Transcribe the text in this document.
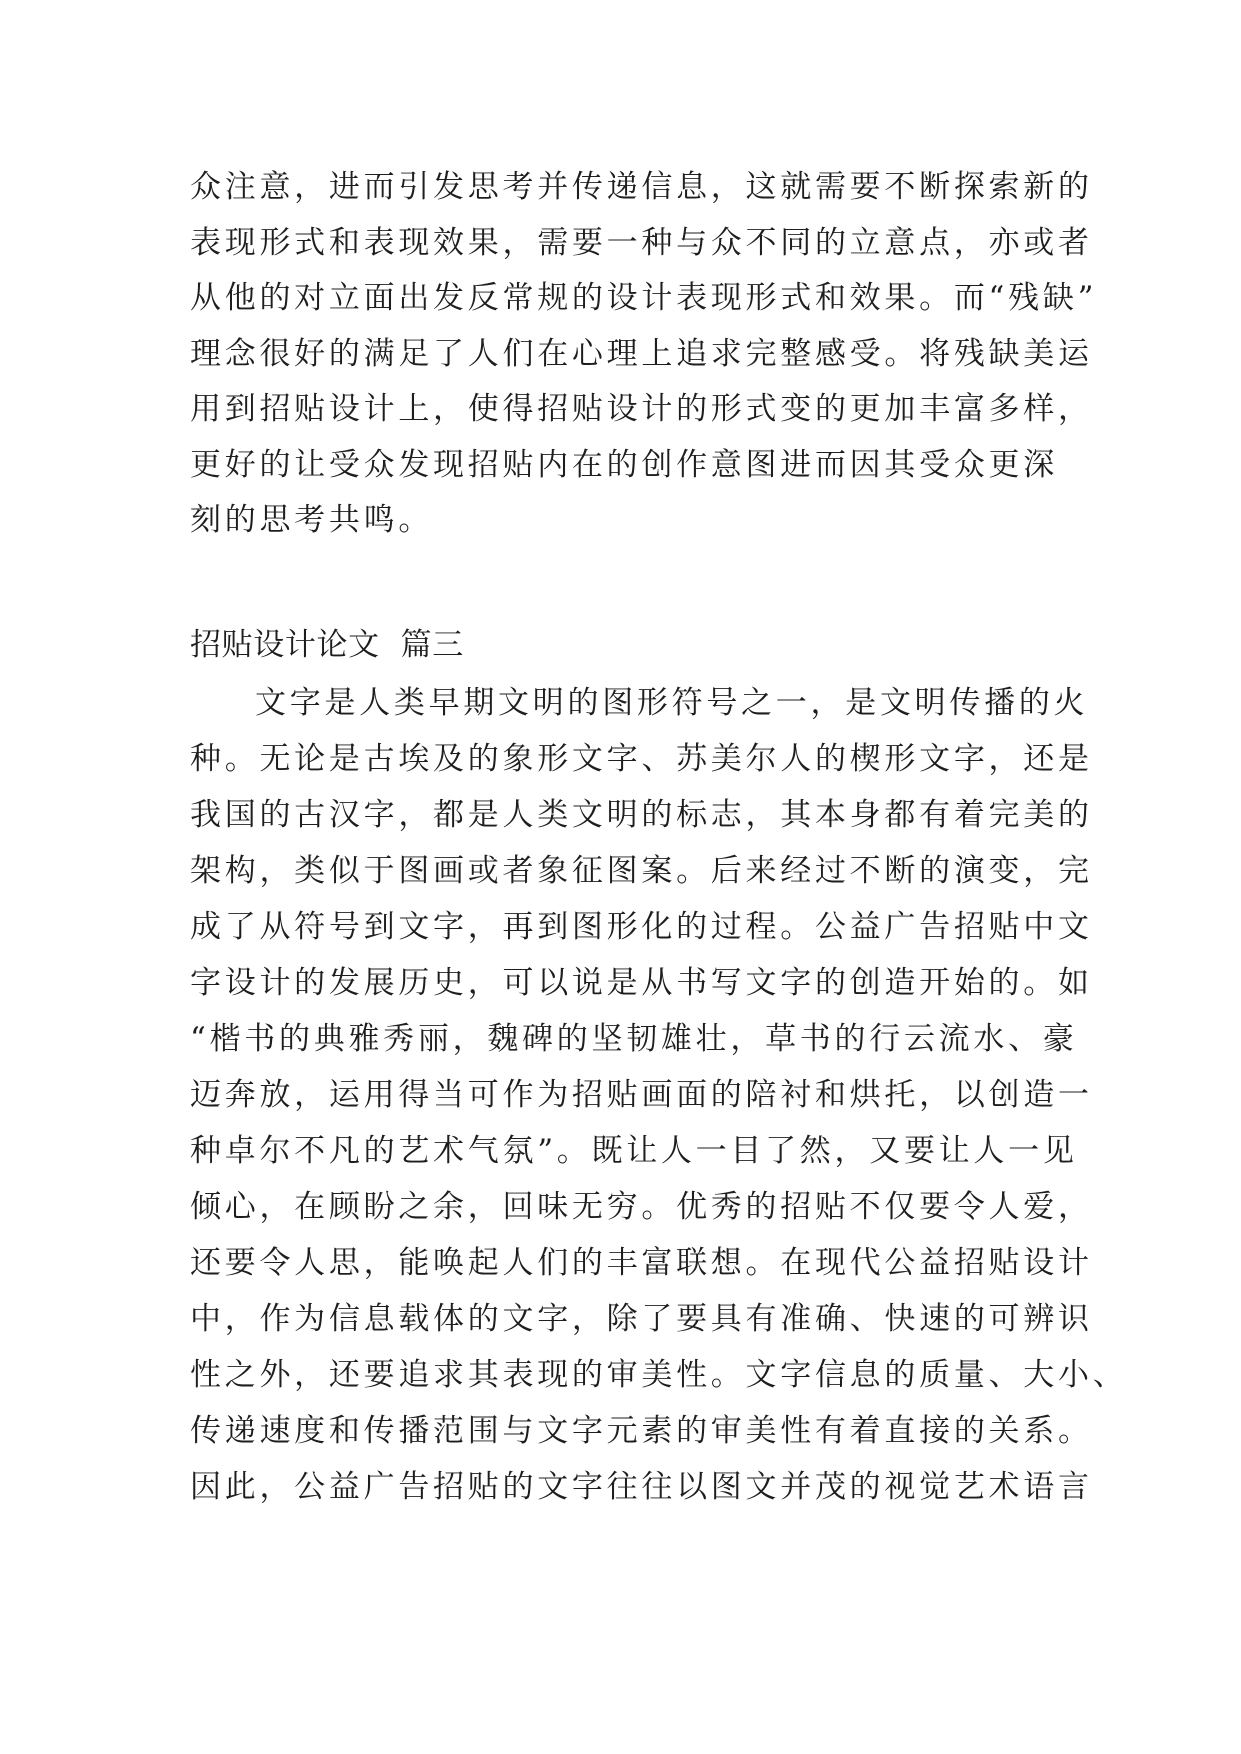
众注意，进而引发思考并传递信息，这就需要不断探索新的
表现形式和表现效果，需要一种与众不同的立意点，亦或者
从他的对立面出发反常规的设计表现形式和效果。而“残缺”
理念很好的满足了人们在心理上追求完整感受。将残缺美运
用到招贴设计上，使得招贴设计的形式变的更加丰富多样，
更好的让受众发现招贴内在的创作意图进而因其受众更深
刻的思考共鸣。
招贴设计论文  篇三
文字是人类早期文明的图形符号之一，是文明传播的火
种。无论是古埃及的象形文字、苏美尔人的楔形文字，还是
我国的古汉字，都是人类文明的标志，其本身都有着完美的
架构，类似于图画或者象征图案。后来经过不断的演变，完
成了从符号到文字，再到图形化的过程。公益广告招贴中文
字设计的发展历史，可以说是从书写文字的创造开始的。如
“楷书的典雅秀丽，魏碑的坚韧雄壮，草书的行云流水、豪
迈奔放，运用得当可作为招贴画面的陪衬和烘托，以创造一
种卓尔不凡的艺术气氛”。既让人一目了然，又要让人一见
倾心，在顾盼之余，回味无穷。优秀的招贴不仅要令人爱，
还要令人思，能唤起人们的丰富联想。在现代公益招贴设计
中，作为信息载体的文字，除了要具有准确、快速的可辨识
性之外，还要追求其表现的审美性。文字信息的质量、大小、
传递速度和传播范围与文字元素的审美性有着直接的关系。
因此，公益广告招贴的文字往往以图文并茂的视觉艺术语言
